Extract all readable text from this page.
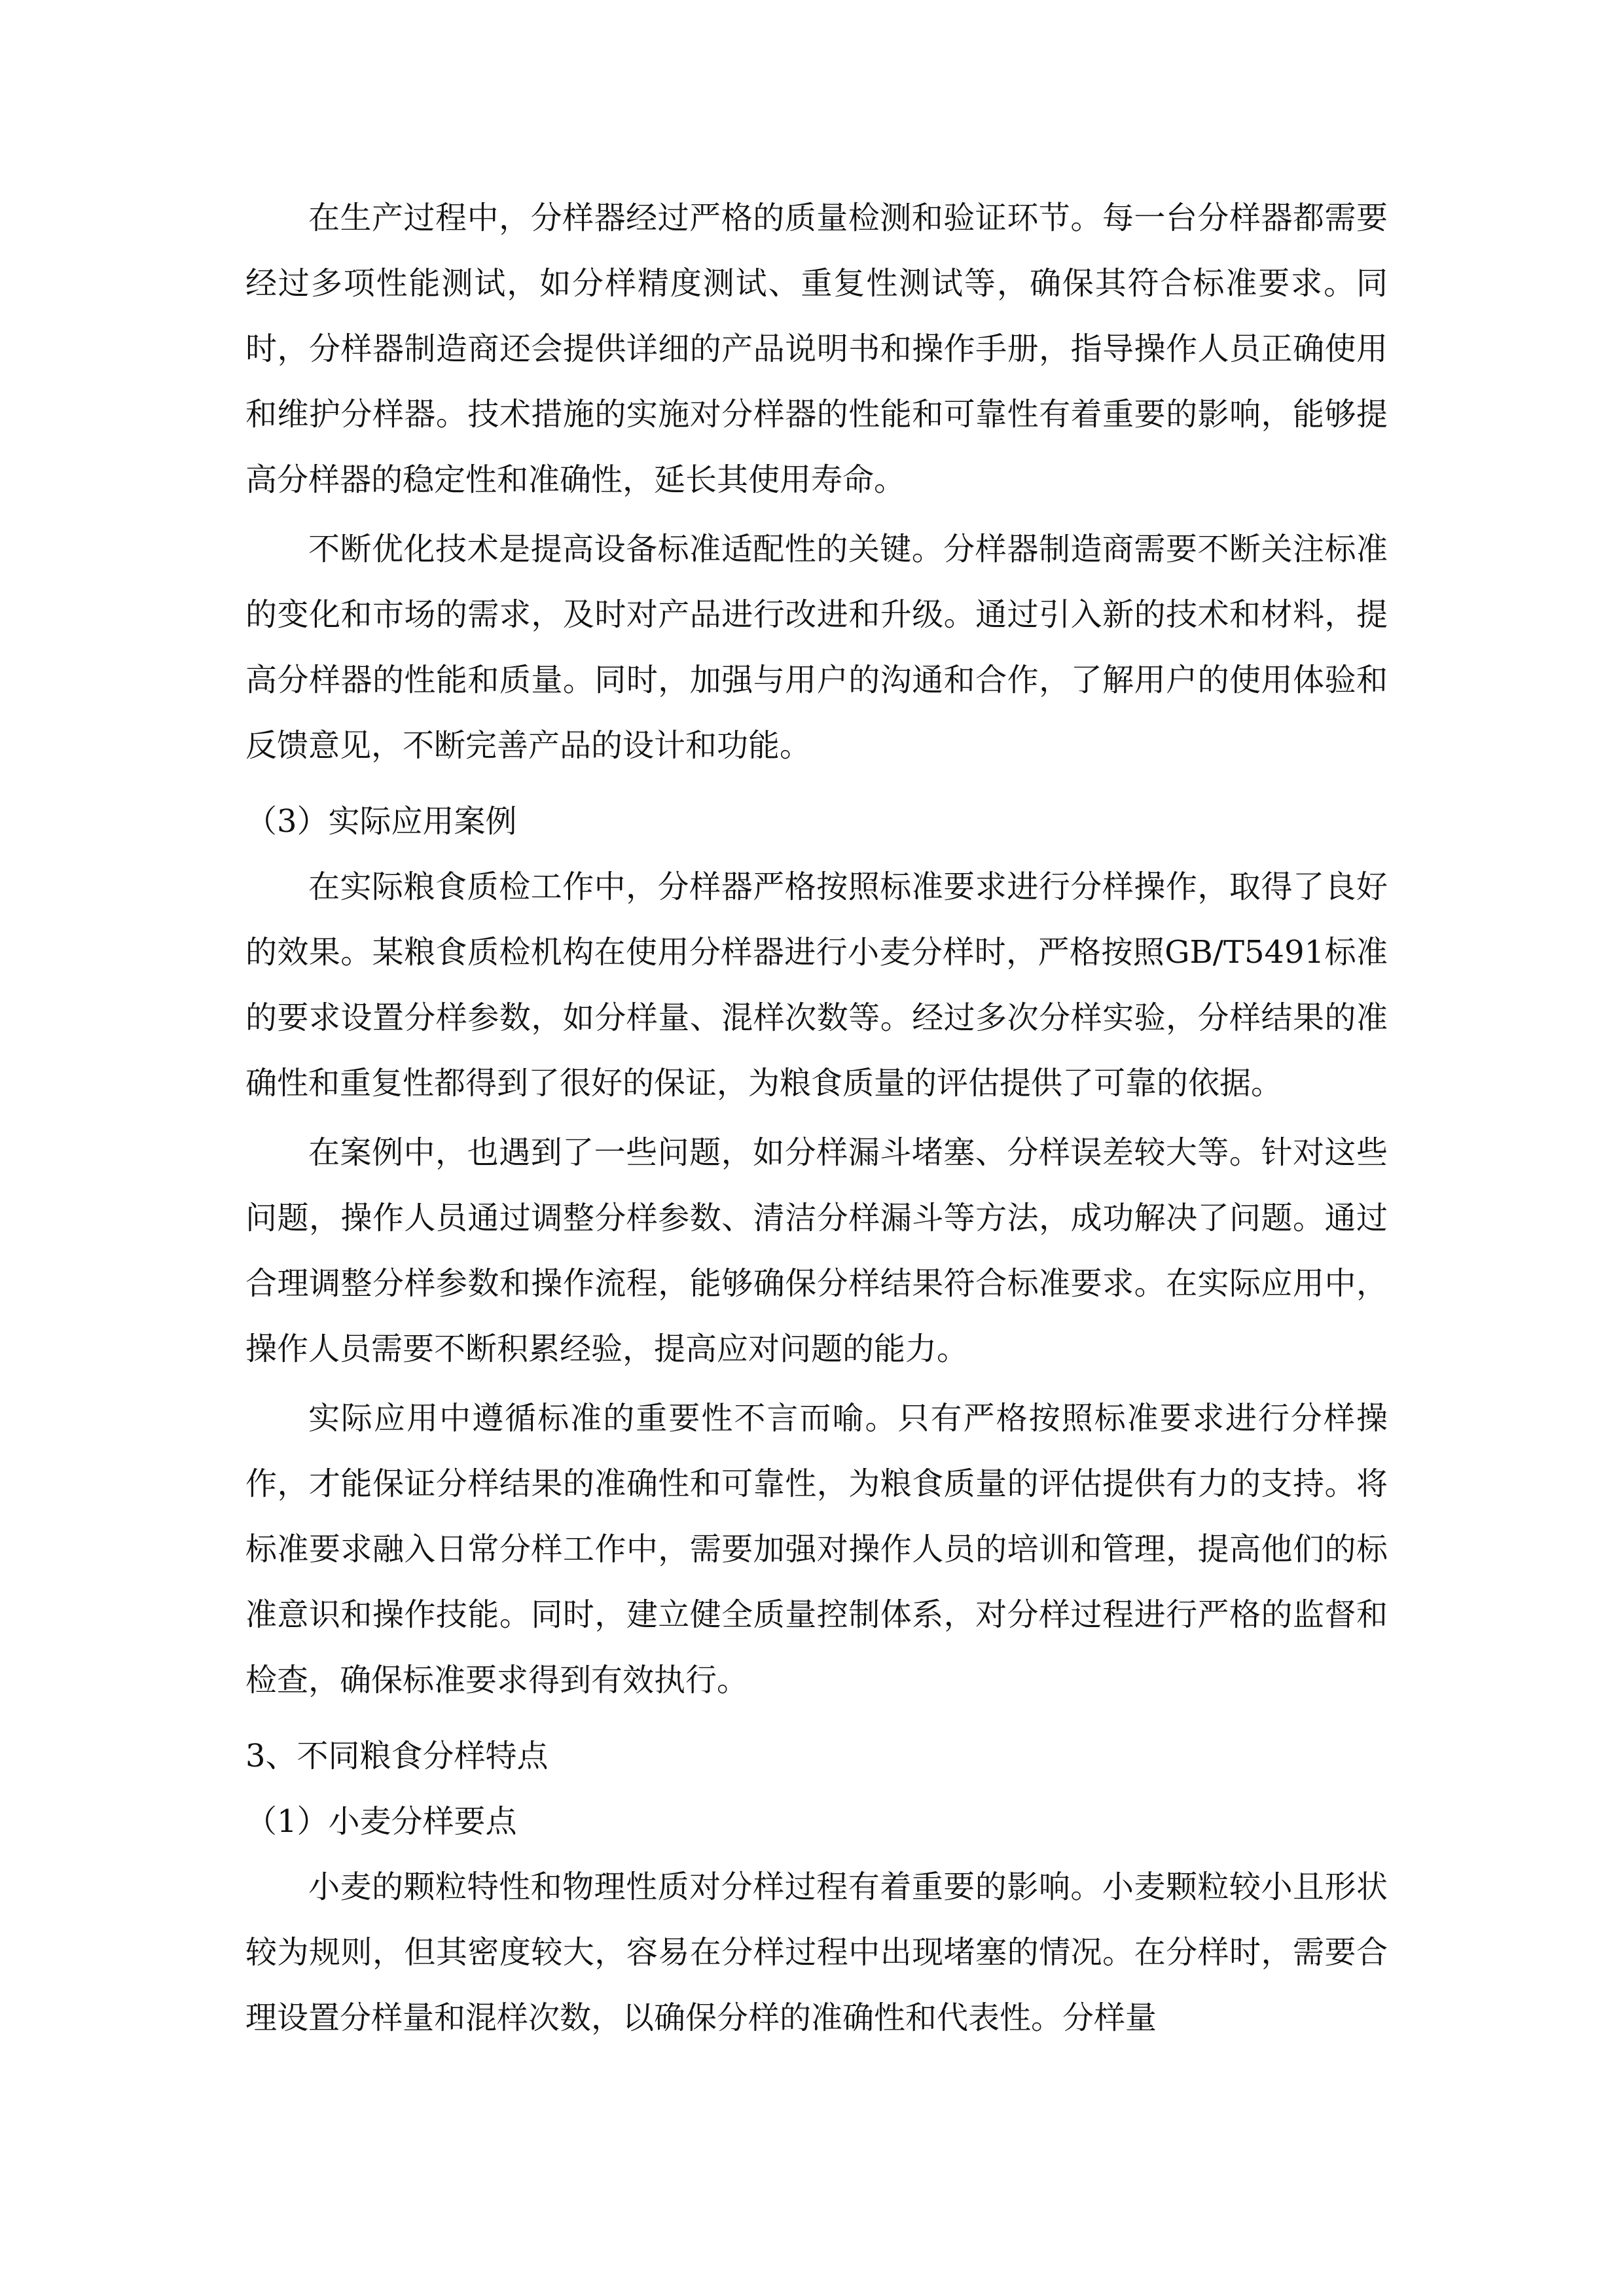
在生产过程中，分样器经过严格的质量检测和验证环节。每一台分样器都需要经过多项性能测试，如分样精度测试、重复性测试等，确保其符合标准要求。同时，分样器制造商还会提供详细的产品说明书和操作手册，指导操作人员正确使用和维护分样器。技术措施的实施对分样器的性能和可靠性有着重要的影响，能够提高分样器的稳定性和准确性，延长其使用寿命。

不断优化技术是提高设备标准适配性的关键。分样器制造商需要不断关注标准的变化和市场的需求，及时对产品进行改进和升级。通过引入新的技术和材料，提高分样器的性能和质量。同时，加强与用户的沟通和合作，了解用户的使用体验和反馈意见，不断完善产品的设计和功能。

（3）实际应用案例

在实际粮食质检工作中，分样器严格按照标准要求进行分样操作，取得了良好的效果。某粮食质检机构在使用分样器进行小麦分样时，严格按照GB/T5491标准的要求设置分样参数，如分样量、混样次数等。经过多次分样实验，分样结果的准确性和重复性都得到了很好的保证，为粮食质量的评估提供了可靠的依据。

在案例中，也遇到了一些问题，如分样漏斗堵塞、分样误差较大等。针对这些问题，操作人员通过调整分样参数、清洁分样漏斗等方法，成功解决了问题。通过合理调整分样参数和操作流程，能够确保分样结果符合标准要求。在实际应用中，操作人员需要不断积累经验，提高应对问题的能力。

实际应用中遵循标准的重要性不言而喻。只有严格按照标准要求进行分样操作，才能保证分样结果的准确性和可靠性，为粮食质量的评估提供有力的支持。将标准要求融入日常分样工作中，需要加强对操作人员的培训和管理，提高他们的标准意识和操作技能。同时，建立健全质量控制体系，对分样过程进行严格的监督和检查，确保标准要求得到有效执行。

3、不同粮食分样特点

（1）小麦分样要点

小麦的颗粒特性和物理性质对分样过程有着重要的影响。小麦颗粒较小且形状较为规则，但其密度较大，容易在分样过程中出现堵塞的情况。在分样时，需要合理设置分样量和混样次数，以确保分样的准确性和代表性。分样量
